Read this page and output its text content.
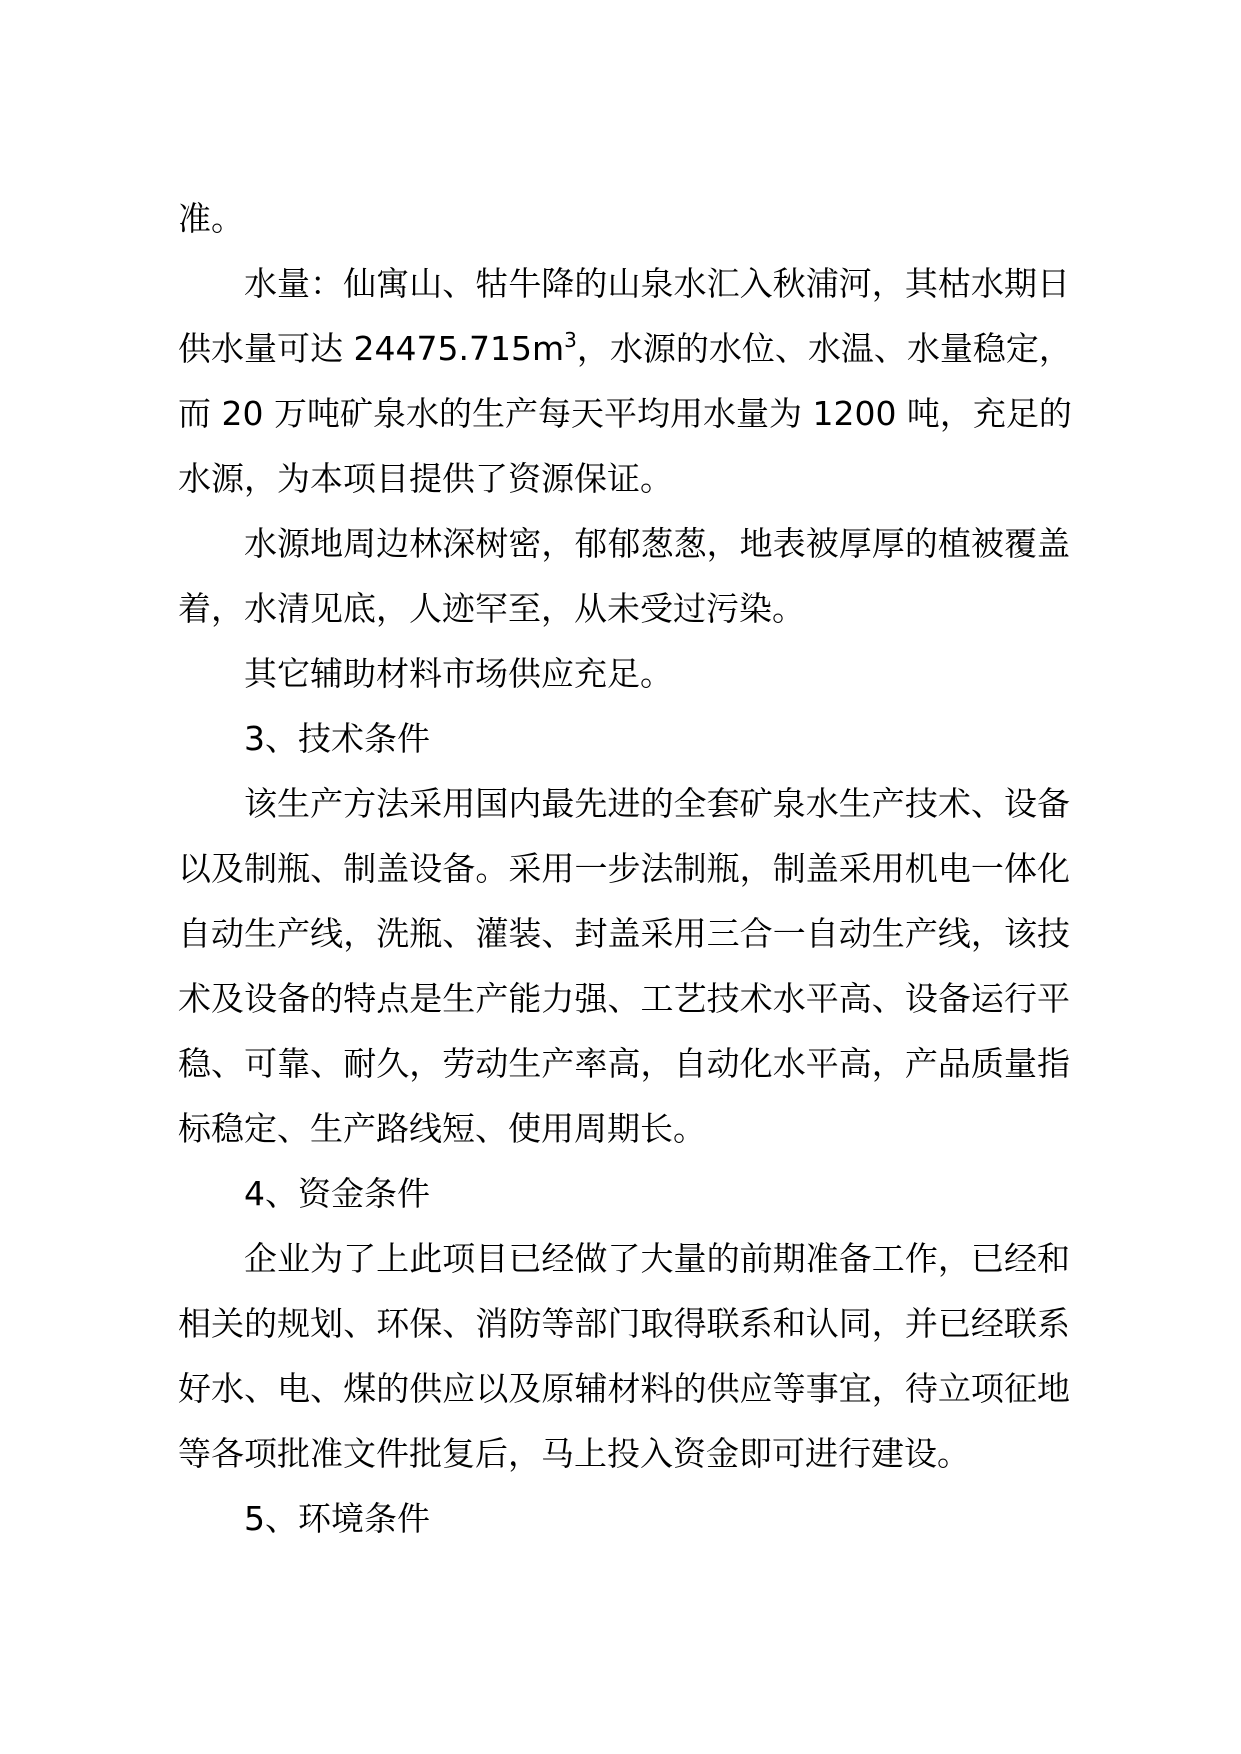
准。
水量：仙寓山、牯牛降的山泉水汇入秋浦河，其枯水期日
供水量可达 $24475.715m^3$，水源的水位、水温、水量稳定，
而 20 万吨矿泉水的生产每天平均用水量为 1200 吨，充足的
水源，为本项目提供了资源保证。
水源地周边林深树密，郁郁葱葱，地表被厚厚的植被覆盖
着，水清见底，人迹罕至，从未受过污染。
其它辅助材料市场供应充足。
3、技术条件
该生产方法采用国内最先进的全套矿泉水生产技术、设备
以及制瓶、制盖设备。采用一步法制瓶，制盖采用机电一体化
自动生产线，洗瓶、灌装、封盖采用三合一自动生产线，该技
术及设备的特点是生产能力强、工艺技术水平高、设备运行平
稳、可靠、耐久，劳动生产率高，自动化水平高，产品质量指
标稳定、生产路线短、使用周期长。
4、资金条件
企业为了上此项目已经做了大量的前期准备工作，已经和
相关的规划、环保、消防等部门取得联系和认同，并已经联系
好水、电、煤的供应以及原辅材料的供应等事宜，待立项征地
等各项批准文件批复后，马上投入资金即可进行建设。
5、环境条件
